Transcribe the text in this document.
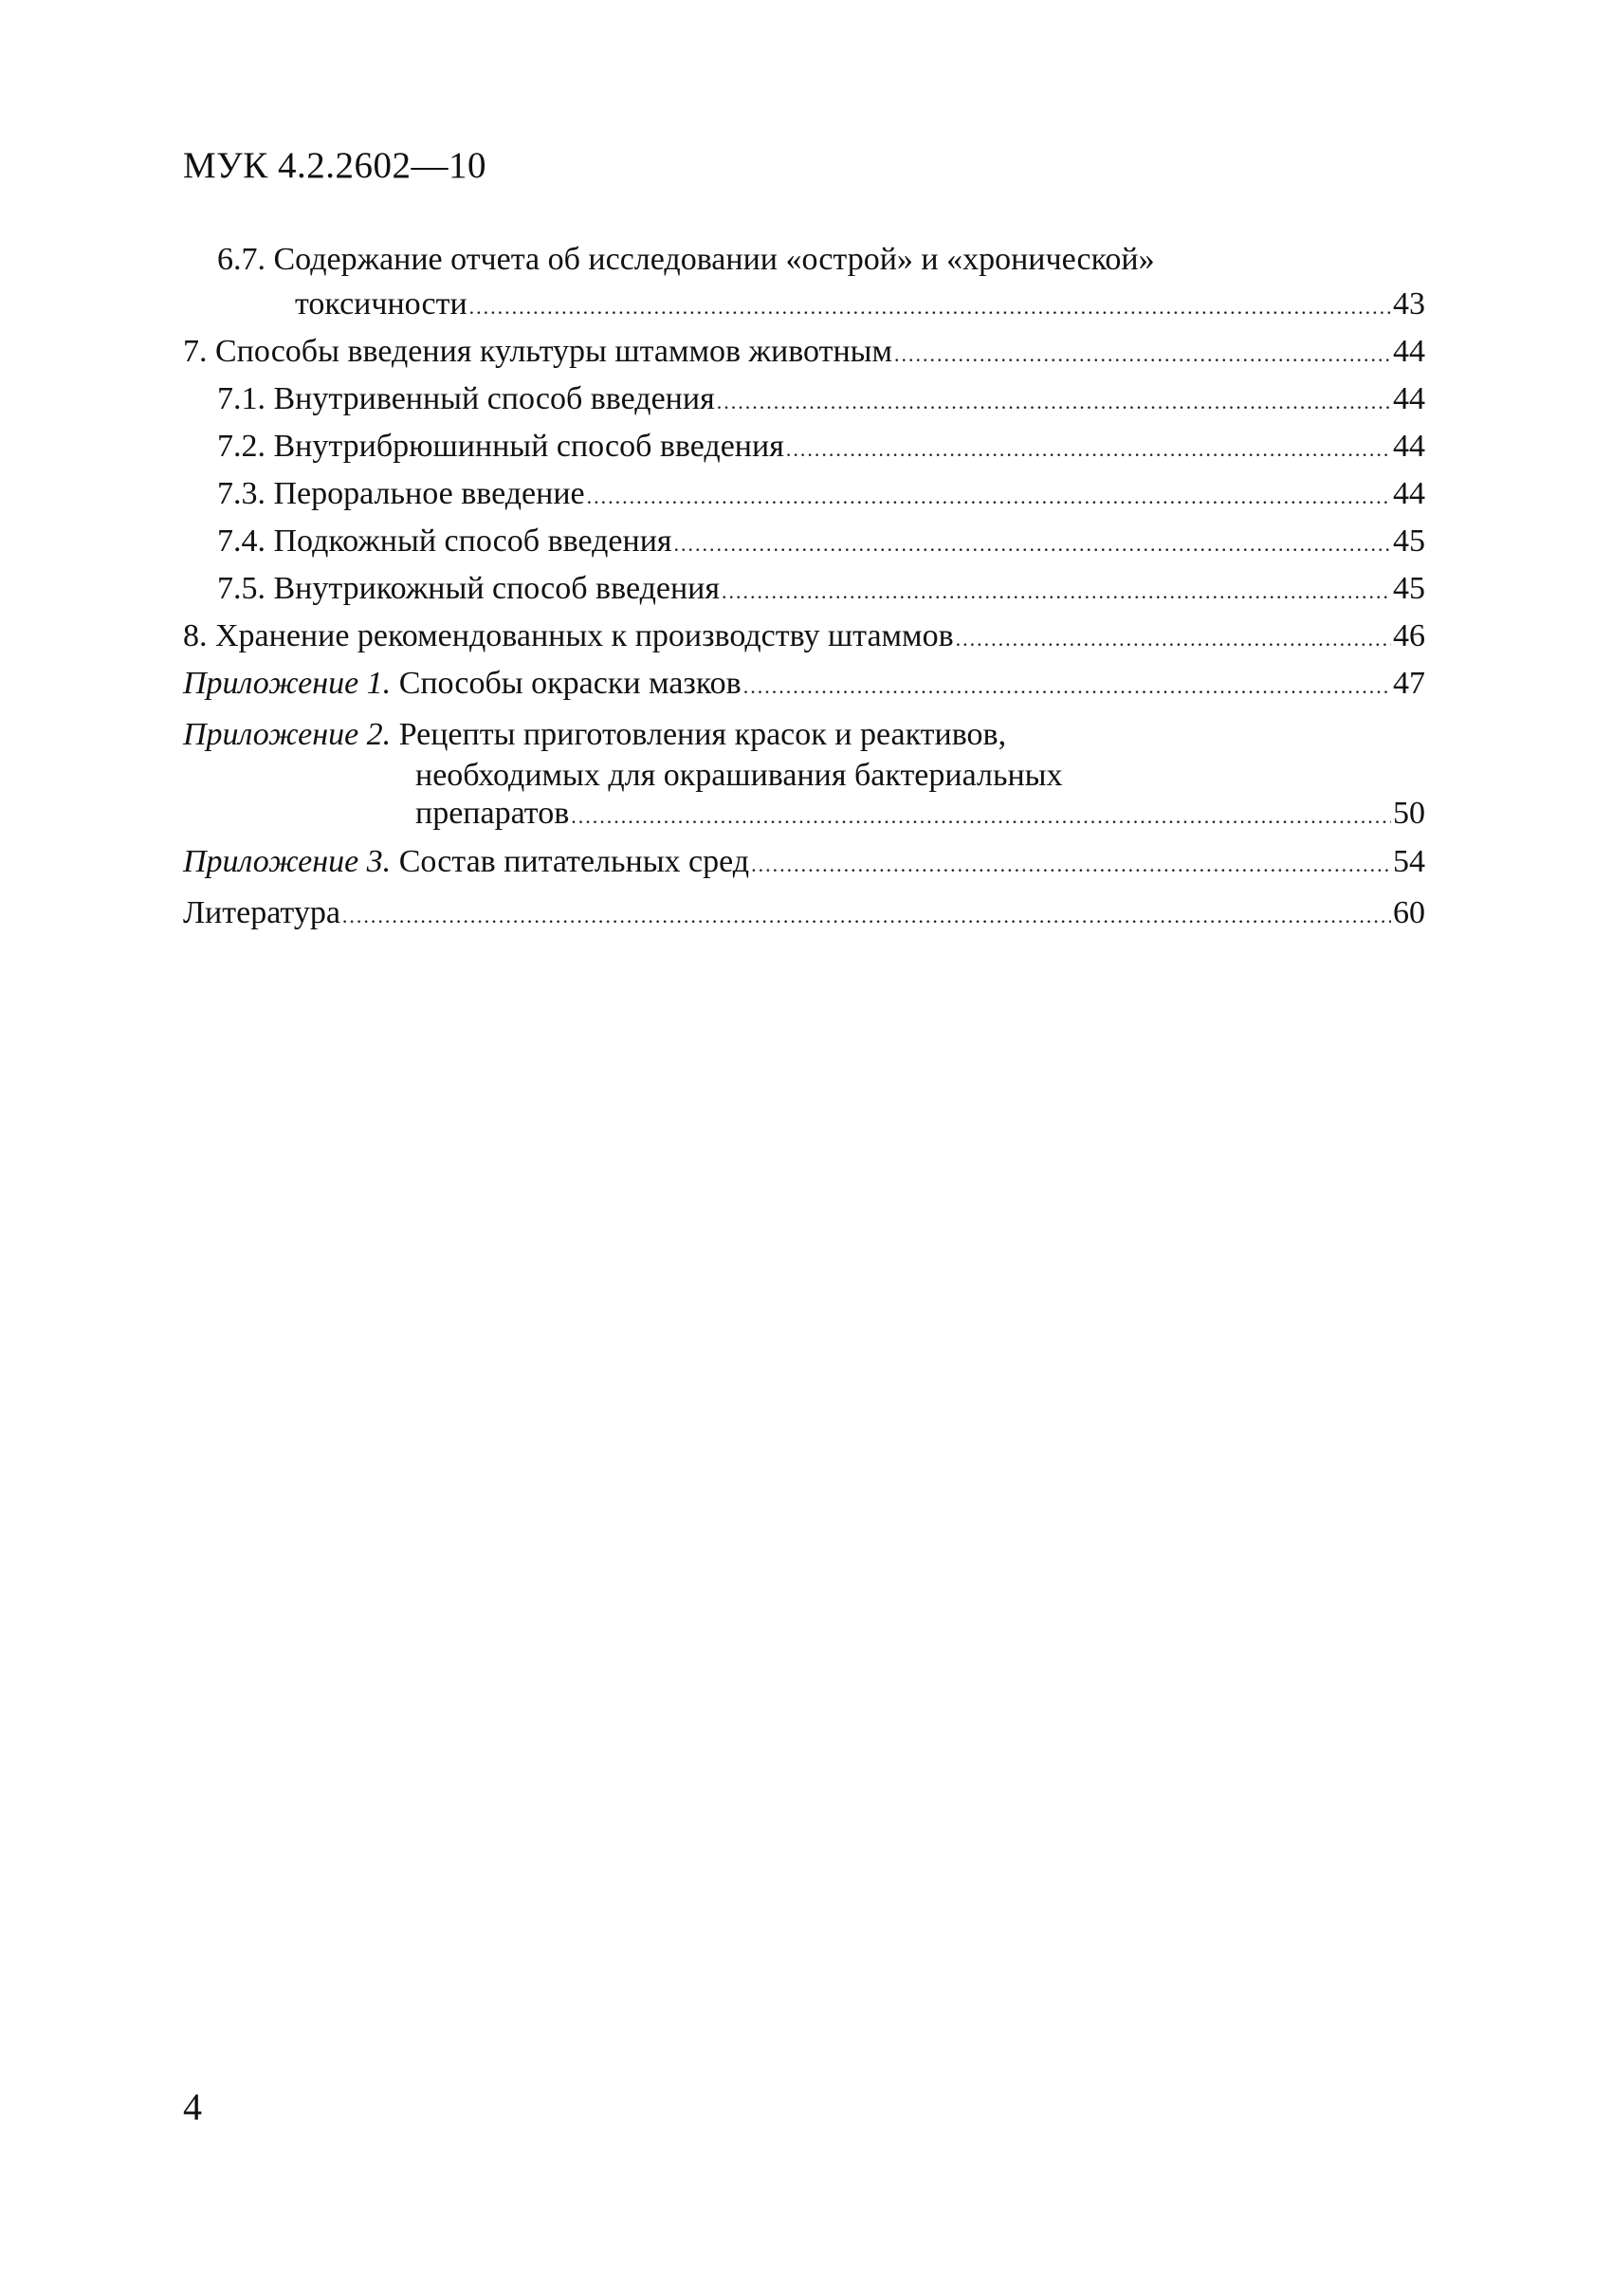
МУК 4.2.2602—10
6.7. Содержание отчета об исследовании «острой» и «хронической»
токсичности .....	43
7. Способы введения культуры штаммов животным .....	44
7.1. Внутривенный способ введения .....	44
7.2. Внутрибрюшинный способ введения .....	44
7.3. Пероральное введение .....	44
7.4. Подкожный способ введения .....	45
7.5. Внутрикожный способ введения .....	45
8. Хранение рекомендованных к производству штаммов .....	46
Приложение 1. Способы окраски мазков .....	47
Приложение 2. Рецепты приготовления красок и реактивов,
необходимых для окрашивания бактериальных
препаратов .....	50
Приложение 3. Состав питательных сред .....	54
Литература .....	60
4
